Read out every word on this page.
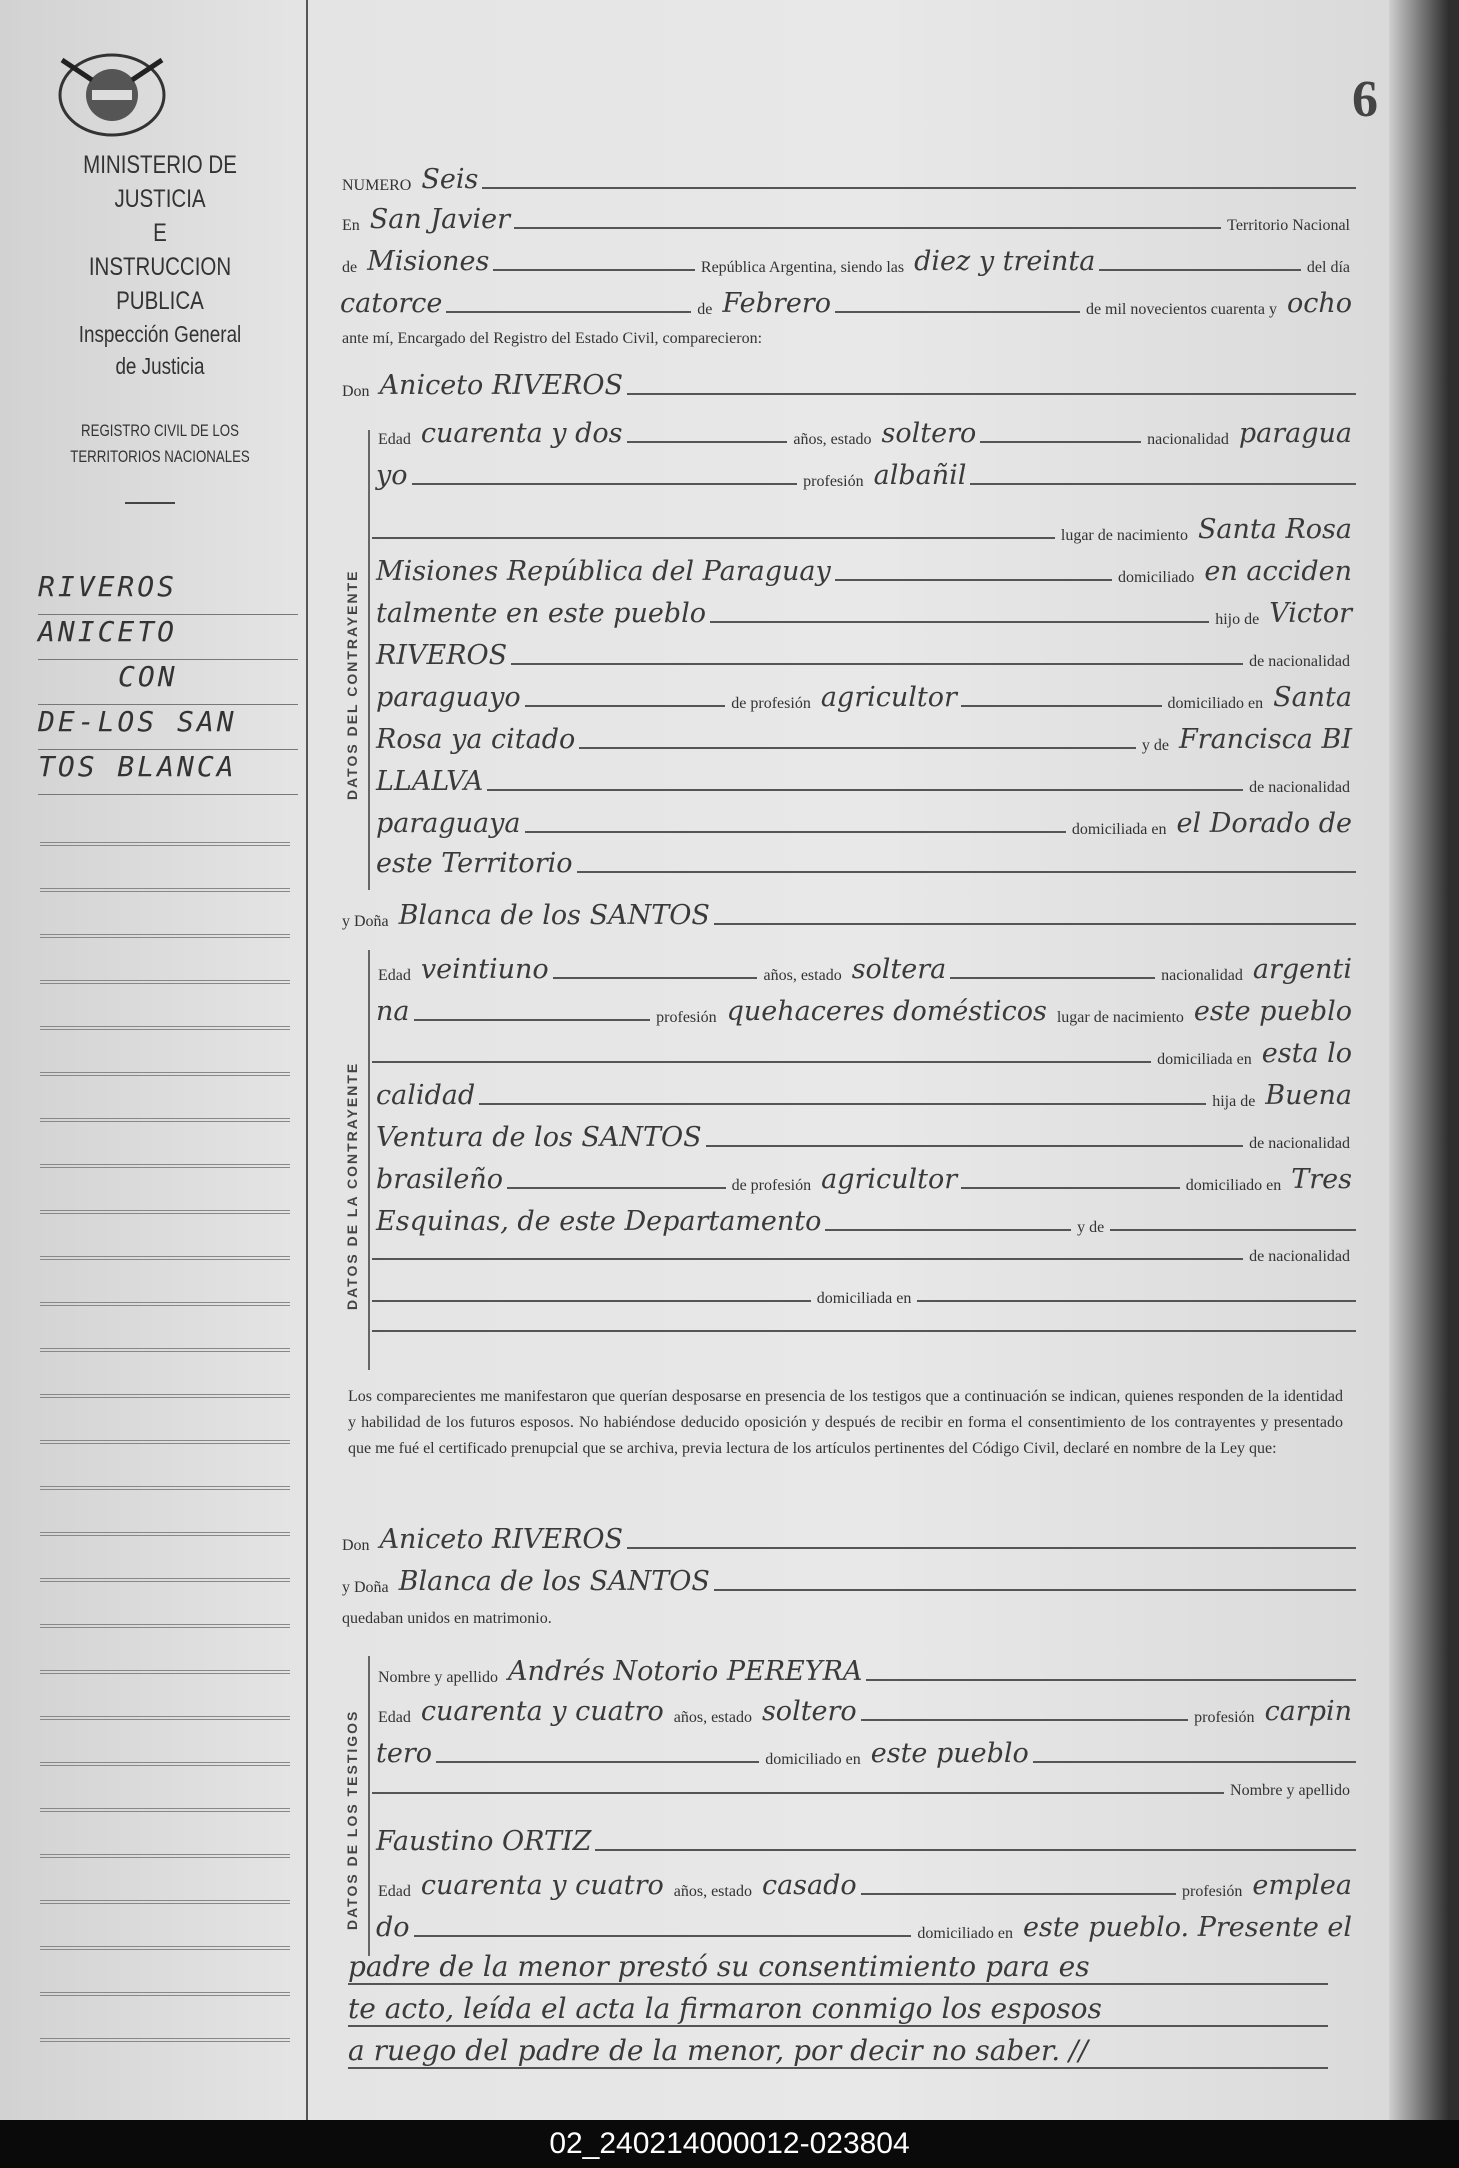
MINISTERIO DE JUSTICIA
E
INSTRUCCION PUBLICA
Inspección General
de Justicia
REGISTRO CIVIL DE LOS
TERRITORIOS NACIONALES
RIVEROS
ANICETO
CON
DE-LOS SAN
TOS BLANCA
6
NUMERO Seis
En San Javier	Territorio Nacional
de Misiones	República Argentina, siendo las diez y treinta	del día
catorce	de Febrero	de mil novecientos cuarenta y ocho
ante mí, Encargado del Registro del Estado Civil, comparecieron:
Don Aniceto RIVEROS
DATOS DEL CONTRAYENTE
Edad cuarenta y dos	años, estado soltero	nacionalidad paragua
yo	profesión albañil
lugar de nacimiento Santa Rosa
Misiones República del Paraguay	domiciliado en acciden
talmente en este pueblo	hijo de Victor
RIVEROS	de nacionalidad
paraguayo	de profesión agricultor	domiciliado en Santa
Rosa ya citado	y de Francisca BI
LLALVA	de nacionalidad
paraguaya	domiciliada en el Dorado de
este Territorio
y Doña Blanca de los SANTOS
DATOS DE LA CONTRAYENTE
Edad veintiuno	años, estado soltera	nacionalidad argenti
na	profesión quehaceres domésticos lugar de nacimiento este pueblo
domiciliada en esta lo
calidad	hija de Buena
Ventura de los SANTOS	de nacionalidad
brasileño	de profesión agricultor	domiciliado en Tres
Esquinas, de este Departamento	y de
de nacionalidad
domiciliada en
Los comparecientes me manifestaron que querían desposarse en presencia de los testigos que a continuación se indican, quienes responden de la identidad y habilidad de los futuros esposos. No habiéndose deducido oposición y después de recibir en forma el consentimiento de los contrayentes y presentado que me fué el certificado prenupcial que se archiva, previa lectura de los artículos pertinentes del Código Civil, declaré en nombre de la Ley que:
Don Aniceto RIVEROS
y Doña Blanca de los SANTOS
quedaban unidos en matrimonio.
DATOS DE LOS TESTIGOS
Nombre y apellido Andrés Notorio PEREYRA
Edad cuarenta y cuatro años, estado soltero	profesión carpin
tero	domiciliado en este pueblo
Nombre y apellido
Faustino ORTIZ
Edad cuarenta y cuatro años, estado casado	profesión emplea
do	domiciliado en este pueblo. Presente el
padre de la menor prestó su consentimiento para es
te acto, leída el acta la firmaron conmigo los esposos
a ruego del padre de la menor, por decir no saber. //
02_240214000012-023804
